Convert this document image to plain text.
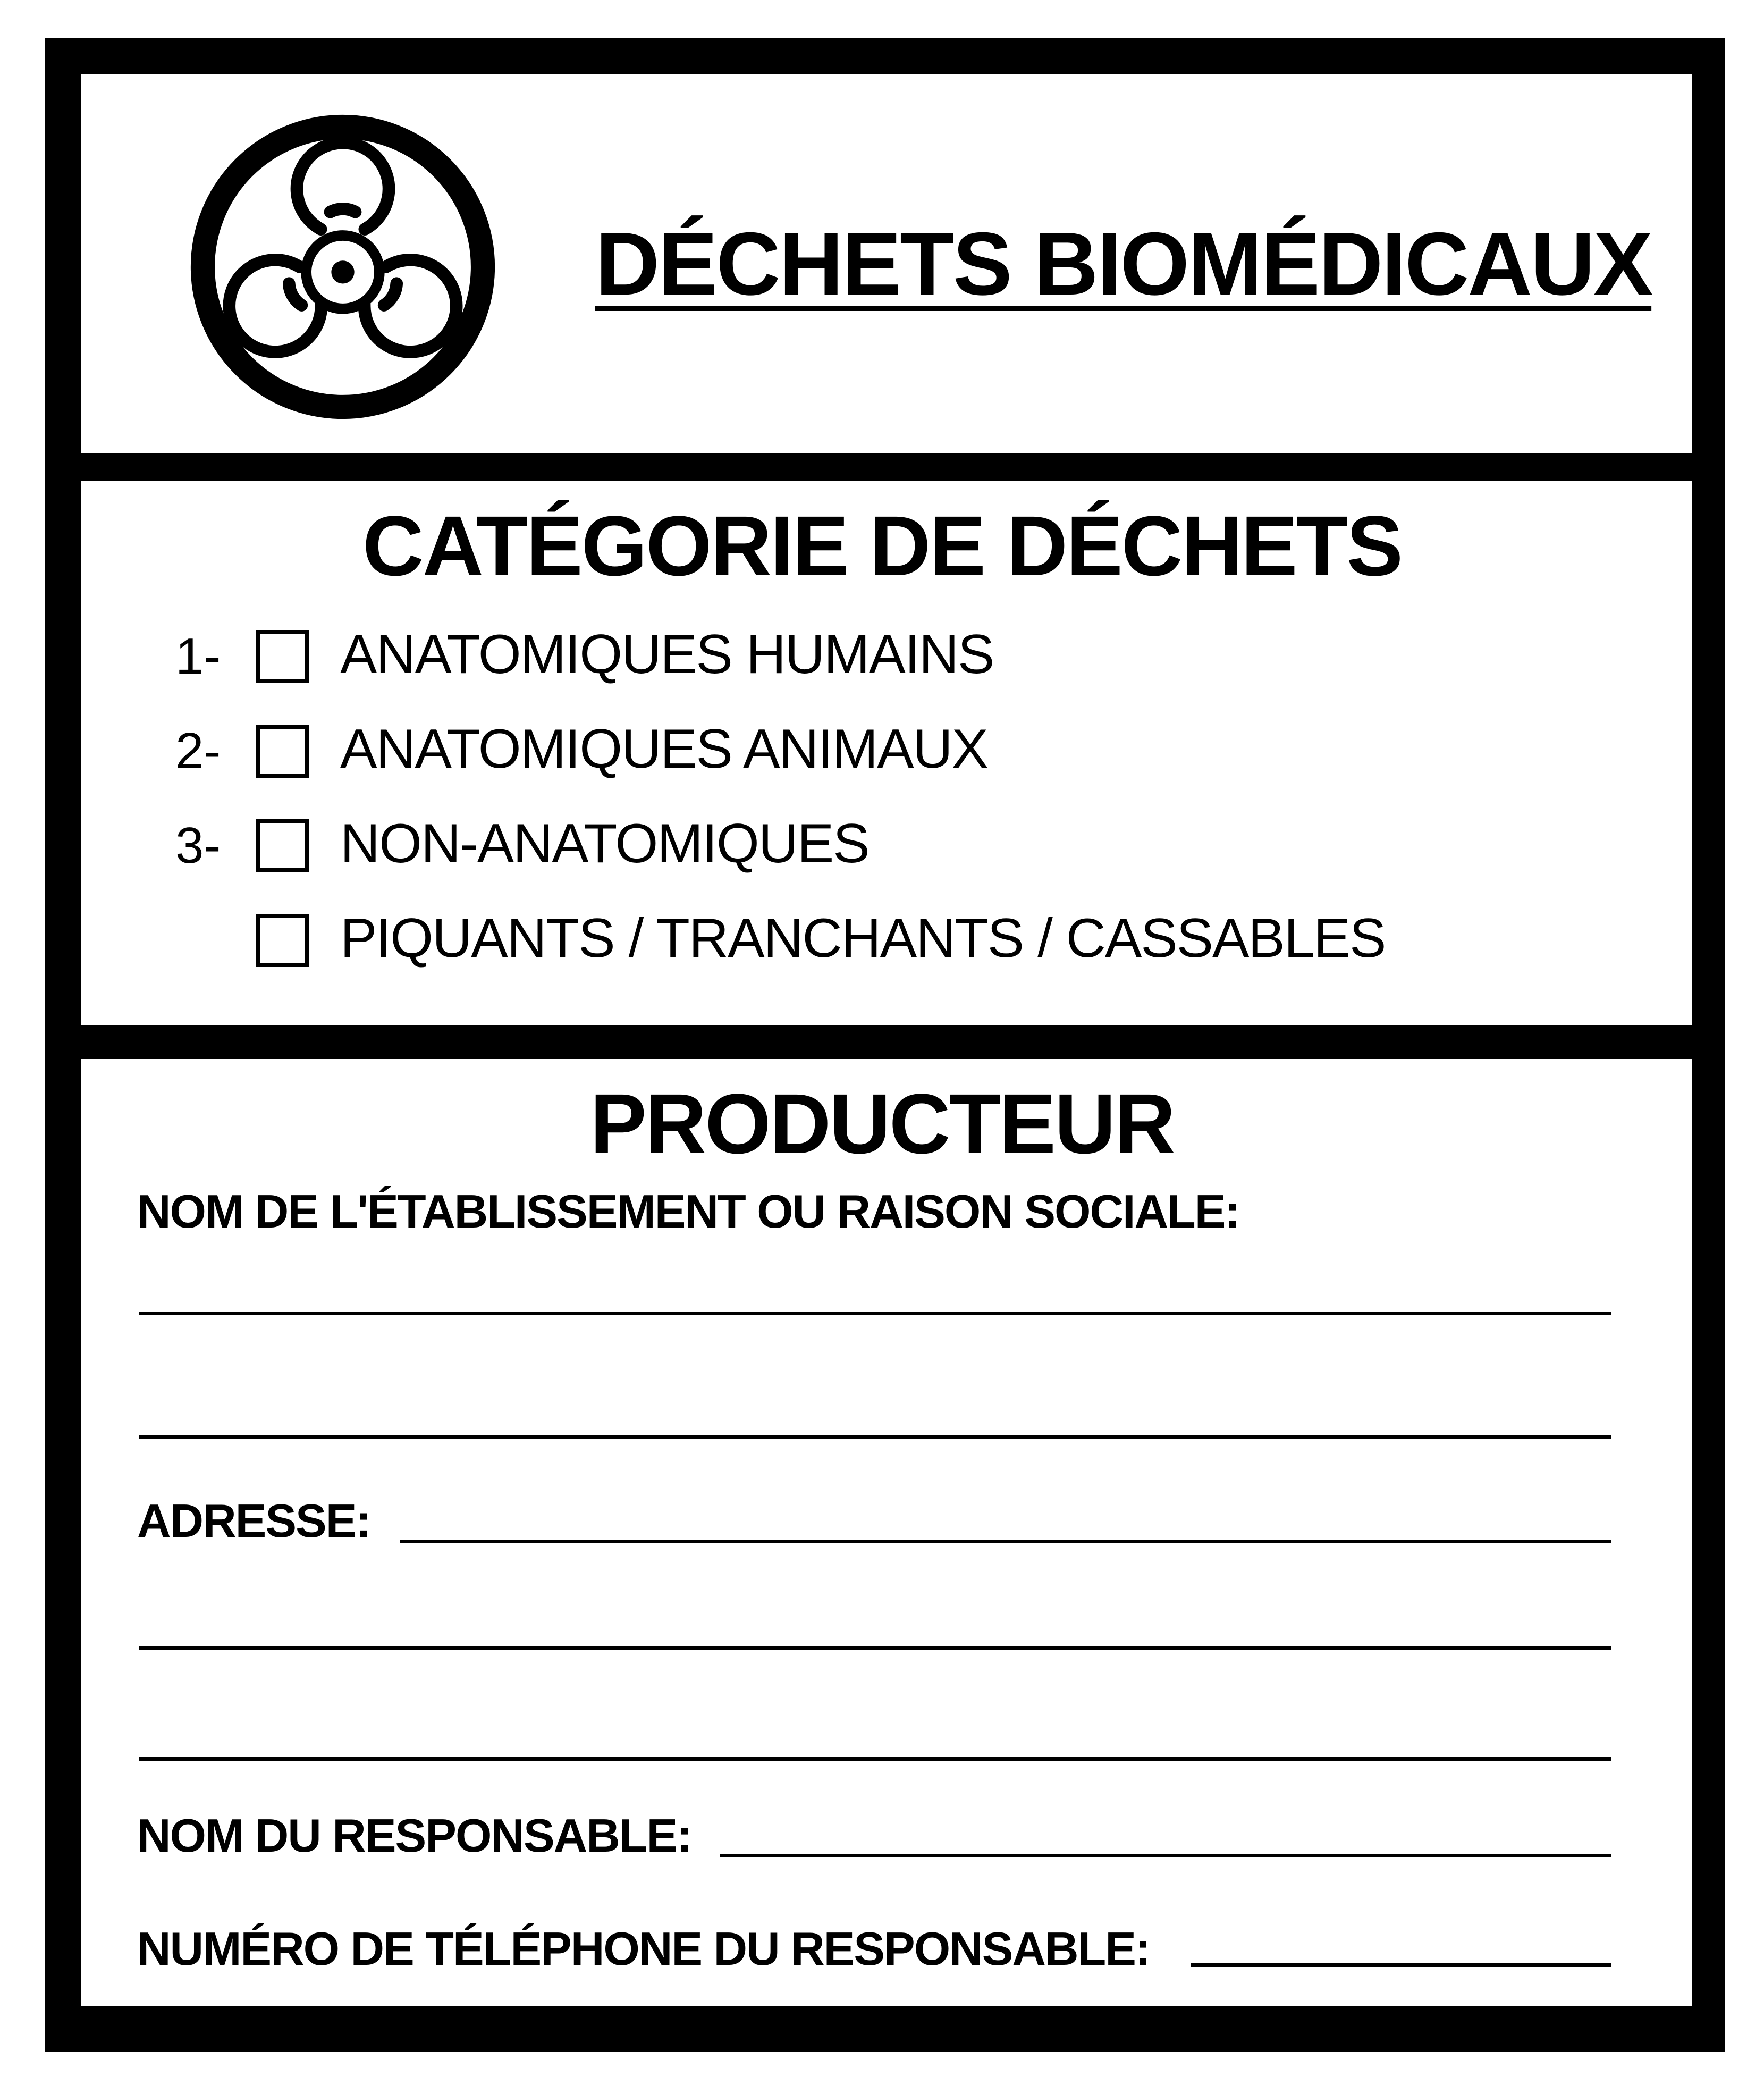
DÉCHETS BIOMÉDICAUX
CATÉGORIE DE DÉCHETS
1- ANATOMIQUES HUMAINS
2- ANATOMIQUES ANIMAUX
3- NON-ANATOMIQUES
PIQUANTS / TRANCHANTS / CASSABLES
PRODUCTEUR
NOM DE L'ÉTABLISSEMENT OU RAISON SOCIALE:
ADRESSE:
NOM DU RESPONSABLE:
NUMÉRO DE TÉLÉPHONE DU RESPONSABLE:
